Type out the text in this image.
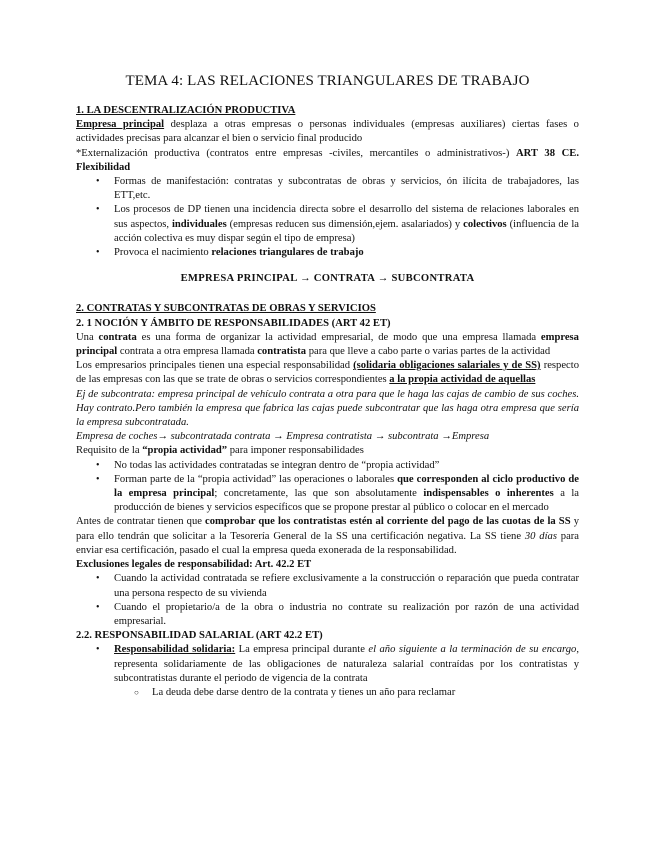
TEMA 4: LAS RELACIONES TRIANGULARES DE TRABAJO
1. LA DESCENTRALIZACIÓN PRODUCTIVA

Empresa principal desplaza a otras empresas o personas individuales (empresas auxiliares) ciertas fases o actividades precisas para alcanzar el bien o servicio final producido

*Externalización productiva (contratos entre empresas -civiles, mercantiles o administrativos-) ART 38 CE. Flexibilidad

• Formas de manifestación: contratas y subcontratas de obras y servicios, ón ilícita de trabajadores, las ETT,etc.
• Los procesos de DP tienen una incidencia directa sobre el desarrollo del sistema de relaciones laborales en sus aspectos, individuales (empresas reducen sus dimensión,ejem. asalariados) y colectivos (influencia de la acción colectiva es muy dispar según el tipo de empresa)
• Provoca el nacimiento relaciones triangulares de trabajo
EMPRESA PRINCIPAL → CONTRATA → SUBCONTRATA
2. CONTRATAS Y SUBCONTRATAS DE OBRAS Y SERVICIOS
2. 1 NOCIÓN Y ÁMBITO DE RESPONSABILIDADES (ART 42 ET)

Una contrata es una forma de organizar la actividad empresarial, de modo que una empresa llamada empresa principal contrata a otra empresa llamada contratista para que lleve a cabo parte o varias partes de la actividad

Los empresarios principales tienen una especial responsabilidad (solidaria obligaciones salariales y de SS) respecto de las empresas con las que se trate de obras o servicios correspondientes a la propia actividad de aquellas

Ej de subcontrata: empresa principal de vehículo contrata a otra para que le haga las cajas de cambio de sus coches. Hay contrato.Pero también la empresa que fabrica las cajas puede subcontratar que las haga otra empresa que sería la empresa subcontratada.

Empresa de coches→ subcontratada contrata → Empresa contratista → subcontrata →Empresa

Requisito de la “propia actividad” para imponer responsabilidades

• No todas las actividades contratadas se integran dentro de “propia actividad”
• Forman parte de la “propia actividad” las operaciones o laborales que corresponden al ciclo productivo de la empresa principal; concretamente, las que son absolutamente indispensables o inherentes a la producción de bienes y servicios específicos que se propone prestar al público o colocar en el mercado

Antes de contratar tienen que comprobar que los contratistas estén al corriente del pago de las cuotas de la SS y para ello tendrán que solicitar a la Tesorería General de la SS una certificación negativa. La SS tiene 30 días para enviar esa certificación, pasado el cual la empresa queda exonerada de la responsabilidad.

Exclusiones legales de responsabilidad: Art. 42.2 ET
• Cuando la actividad contratada se refiere exclusivamente a la construcción o reparación que pueda contratar una persona respecto de su vivienda
• Cuando el propietario/a de la obra o industria no contrate su realización por razón de una actividad empresarial.
2.2. RESPONSABILIDAD SALARIAL (ART 42.2 ET)
• Responsabilidad solidaria: La empresa principal durante el año siguiente a la terminación de su encargo, representa solidariamente de las obligaciones de naturaleza salarial contraídas por los contratistas y subcontratistas durante el periodo de vigencia de la contrata
○ La deuda debe darse dentro de la contrata y tienes un año para reclamar
